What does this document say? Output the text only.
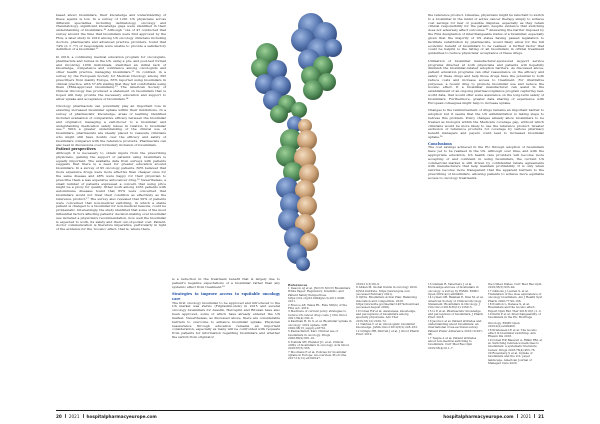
based about biosimilars, their knowledge and understanding of these agents is low. In a survey of 1201 US physicians across different specialties including dermatology, oncology and rheumatology, significant knowledge gaps were identified in their understanding of biosimilars.¹⁰ Although “obs of 47 conducted that survey around the time that biosimilars were first approved by the FDA, a later study in 2019 among US oncology clinicians including doctors, pharmacists and advanced practice providers, found that 74% (n = 77) of respondents were unable to provide a satisfactory definition of a biosimilar.¹¹

In 2019, a continuing medical education program for oncologists, pharmacists and nurses in the US, using a pre- and post-test format and involving 1039 individuals, identified an initial lack of knowledge, competence and confidence among oncologists and other health practice managing biosimilars.¹² In contrast, in a survey by the European Society for Medical Oncology among 393 prescribers from mainly Europe, 65% reported using biosimilars in clinical practice, with 57.4% stating that they felt comfortable using them (EMA-approved biosimilars).¹³ The American Society of Clinical Oncology has produced a statement on biosimilars that is hoped will help provide the necessary education and support to allow uptake and acceptance of biosimilars.¹⁴

Oncology pharmacists can potentially play an important role in ensuring increased biosimilar uptake within their institutions. In a survey of pharmacists’ knowledge, areas of learning identified included evaluation of comparative efficacy between the biosimilar and originator, managing a switchover to a biosimilar and understanding medication safety issues in relation to biosimilar use.¹⁵ With a greater understanding of the clinical use of biosimilars, pharmacists are ideally placed to reassure clinicians who might still have doubts over the efficacy and safety of biosimilars compared with the reference products. Pharmacists can also lead in discussions over formulary inclusion of biosimilars.

Patient perspectives

Although it is necessary to obtain inputs from the prescribing physicians, gaining the support of patients using biosimilars is equally important. The available data from surveys with patients suggests that there is a need for greater education around biosimilars. In a survey of 95 oncology patients, 60% believed that more expensive drugs were more effective than cheaper ones for the same disease and 48% were happy for their physician to prescribe them a less expensive anti-cancer drug.¹⁶ Nevertheless, a small number of patients expressed a concern that using price might be a proxy for quality. Other work among 1035 patients with autoimmune diseases found that 85% were concerned that biosimilars would not treat their condition as effectively as the reference product.¹⁷ The survey also revealed that 50% of patients were concerned that non-medical switching, in which a stable patient is changed to a biosimilar for non-medical reasons, could be problematic. Interestingly, the study identified that some of the most influential factors affecting patients' decision-making over biosimilar use included a physician's recommendation, how well the biosimilar is expected to work, its safety and their out-of-pocket cost. Patient-doctor communication is therefore imperative, particularly in light of the evidence for the ‘nocebo’ effect, that is, where there

is a reduction in the treatment benefit that is largely due to patient's negative expectations of a biosimilar rather than any systemic effect from treatment.¹⁸

Strategies to improve access to equitable oncology care

The first oncology biosimilar to be approved and introduced to the US market was Zarxio (Filgrastim-sndz) in 2015 and several oncology biosimilars for Avastin, Herceptin and Rituxan have also been approved, some of which have already entered the US market. Nevertheless, as discussed above, there are considerable barriers to overcome to enhance biosimilar uptake. Physician reassurance through education remains an important consideration, especially as many will be confronted with requests from patients for information regarding biosimilars and whether the switch from originator

the reference product. Likewise, physicians might be reluctant to switch to a biosimilar in the midst of active cancer therapy simply to achieve cost savings for fear of possible disputes, especially as they retain clinical responsibility for the patient, despite evidence that switching does not adversely affect outcomes.¹⁹ Answering the barrier imposed by the FDA designation of interchangeable status of a biosimilar, especially given that the majority of US states having passed legislation to facilitate substitution by pharmacists, would likely allow for the full economic benefit of biosimilars to be realised. A further factor that could be helpful is the listing of all biosimilars in official treatment guidelines to reduce physicians' acceptance of these drugs.

Utilisation of biosimilar manufacturer-sponsored support service programs directed at both physicians and patients will hopefully diminish the biosimilar-related adoption barriers. As discussed above, patient education programs can offer reassurance on the efficacy and safety of these drugs and help those drugs have the potential to both reduce costs and increase access to treatment. For illustrative purposes, a recent drug to promote biosimilar use and reduce the nocebo effect. If a biosimilar manufacturer can assist in the establishment of an ongoing pharmacovigilance program capturing real-world data, that would offer some assurance on the long-term safety of biosimilars. Furthermore, greater data sharing of experience with European colleagues might help to increase uptake.

Changes to the reimbursement of drugs remains an important barrier to adoption but it seems that the US administration is taking steps to redress this problem. Policy changes already allow biosimilars to be treated as biologics within the Medicare coverage gap, without which clinicians would be more likely to use the reference product. Greater exclusion of reference products for coverage by various pharmacy benefit managers and payers could lead to increased biosimilar uptake.²⁰

Conclusions

The cost savings achieved in the EU through adoption of biosimilars have yet to be realised in the US. Although over time, and with the appropriate education, US health care providers will become more accepting of and confident in using biosimilars, the current US commercial market is still driven by confidential rebate agreements with manufacturers that help maintain profitability. It is only when reforms become more transparent that the apparent barriers to the prescribing of biosimilars, allowing patients to achieve more equitable access to oncology treatments.

References
1 Deacon AJ et al. JNCCN NCCN Biosimilars White Paper: Regulatory, Scientific, and Patient Safety Perspectives. https://doi.org/10.6004/jnccn.2011.0006. 2011.
2 Roscoe AE, Weiss RL. Rule 506(b) of the FDA Act. 2019.
3 Medicare of current policy strategies to reduce US cancer drug costs. J Clin Oncol 2021;39(4):292–9.
4 Kaufman B, Yu S, et al. Biosimilar uptake in oncology: 2019 update. IQR 2020;38(15_suppl):e18761.
5 Kleinschmidt, Karl. Clinical use of biosimilars in oncology. Drugs 2020;80(9):881–91.
6 Yoshida SH, Elander JC, et al. Clinical utility of biosimilars in oncology. Acts Oncol 2018;67(5):565.
7 Moorkens E et al. Policies for biosimilar uptake in Europe: An overview. PLoS One 2017;12(12):e0190147.
2019;11(3):80–9.
8 Aitken M. Global trends in oncology 2020. IQVIA Institute. https://www.iqvia.com (accessed February 2021).
9 IQVIA. Biosimilars Action Plan: Balancing innovation and competition. 2018. https://www.fda.gov/media/114574/download (accessed August 2020).
10 Cohen HP et al. Awareness, knowledge, and perceptions of biosimilars among specialty physicians. Adv Ther 2016;33(12):2160–72.
11 Nabhan C et al. Oncologists' biosimilar knowledge. JAMA Oncol 2019;5(2):228–233.
12 Gringis HR, Shirrell J et al. J Oncol Pharm Pract 2019.
13 Giuliani R, Tabernero J et al. Knowledge and use of biosimilars in oncology: a survey by ESMO. ESMO Open 2019;4(2):e000460.
14 Lyman GH, Balaban E, Diaz M, et al. American Society of Clinical Oncology Statement: Biosimilars in Oncology. J Clin Oncol 2018;36(12):1260–5.
15 Li E et al. Pharmacists' knowledge and perceptions of biosimilars. J Pharm Pract 2018.
16 Jacobs I et al. Patient attitudes and understanding about biosimilars: an international cross-sectional survey. Patient Prefer Adherence 2016;10:937–48.
17 Teeple A et al. Patient attitudes about non-medical switching to biosimilars. Curr Med Res Opin 2019;35(4):611–7.
Oncology. ESMO Open 2019;4(2):e000460.
18 Kristensen LE et al. The nocebo effect in biosimilar switching. Ann Rheum Dis 2018.
19 Cohen HP, Blauvelt A, Rifkin RM, et al. Switching reference medicines to biosimilars: a systematic literature review. Drugs 2018;78(4):463–78.
20 Rosenberg S et al. Uptake of biosimilars and the U.S. payer landscape. American Journal of Managed Care 2020.
the United States. Curr Med Res Opin 2019;35(5):933–40.
17 Gibbons J, Lauren S, et al. Translation of the dose equivalence of oncology biosimilars. Am J Health Syst Pharm 2020;77:99–106.
18 Pouillon L, Danese S, et al. Biosimilars and the nocebo effect. Expert Opin Biol Ther 2018;18(1):1–3.
19 Kurki P et al. Interchangeability of biosimilars in the EU. BioDrugs
20 2021 hospitalpharmacyeurope.com	hospitalpharmacyeurope.com 2021 21
